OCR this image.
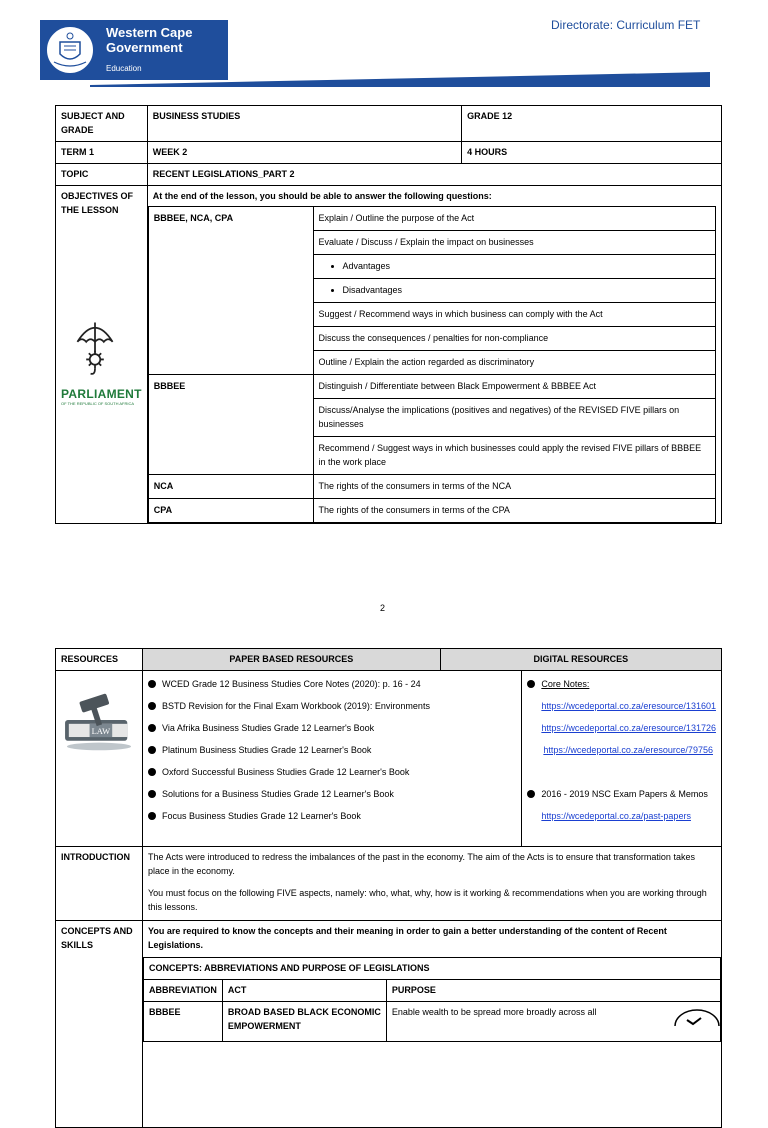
Western Cape Government
Education
Directorate: Curriculum FET
SUBJECT AND GRADE	BUSINESS STUDIES	GRADE 12
TERM 1	WEEK 2	4 HOURS
TOPIC	RECENT LEGISLATIONS_PART 2

OBJECTIVES OF THE LESSON
PARLIAMENT
OF THE REPUBLIC OF SOUTH AFRICA

At the end of the lesson, you should be able to answer the following questions:
BBBEE, NCA, CPA	Explain / Outline the purpose of the Act
Evaluate / Discuss / Explain the impact on businesses

• Advantages

• Disadvantages

Suggest / Recommend ways in which business can comply with the Act
Discuss the consequences / penalties for non-compliance
Outline / Explain the action regarded as discriminatory
BBBEE	Distinguish / Differentiate between Black Empowerment & BBBEE Act
Discuss/Analyse the implications (positives and negatives) of the REVISED FIVE pillars on businesses
Recommend / Suggest ways in which businesses could apply the revised FIVE pillars of BBBEE in the work place
NCA	The rights of the consumers in terms of the NCA
CPA	The rights of the consumers in terms of the CPA
2
RESOURCES	PAPER BASED RESOURCES	DIGITAL RESOURCES

LAW

WCED Grade 12 Business Studies Core Notes (2020): p. 16 - 24
BSTD Revision for the Final Exam Workbook (2019): Environments
Via Afrika Business Studies Grade 12 Learner's Book
Platinum Business Studies Grade 12 Learner's Book
Oxford Successful Business Studies Grade 12 Learner's Book
Solutions for a Business Studies Grade 12 Learner's Book
Focus Business Studies Grade 12 Learner's Book

Core Notes:
https://wcedeportal.co.za/eresource/131601
https://wcedeportal.co.za/eresource/131726
https://wcedeportal.co.za/eresource/79756
2016 - 2019 NSC Exam Papers & Memos
https://wcedeportal.co.za/past-papers

INTRODUCTION	The Acts were introduced to redress the imbalances of the past in the economy. The aim of the Acts is to ensure that transformation takes place in the economy.
You must focus on the following FIVE aspects, namely: who, what, why, how is it working & recommendations when you are working through this lessons.

CONCEPTS AND SKILLS	
You are required to know the concepts and their meaning in order to gain a better understanding of the content of Recent Legislations.
CONCEPTS: ABBREVIATIONS AND PURPOSE OF LEGISLATIONS
ABBREVIATION	ACT	PURPOSE
BBBEE	BROAD BASED BLACK ECONOMIC EMPOWERMENT	Enable wealth to be spread more broadly across all
